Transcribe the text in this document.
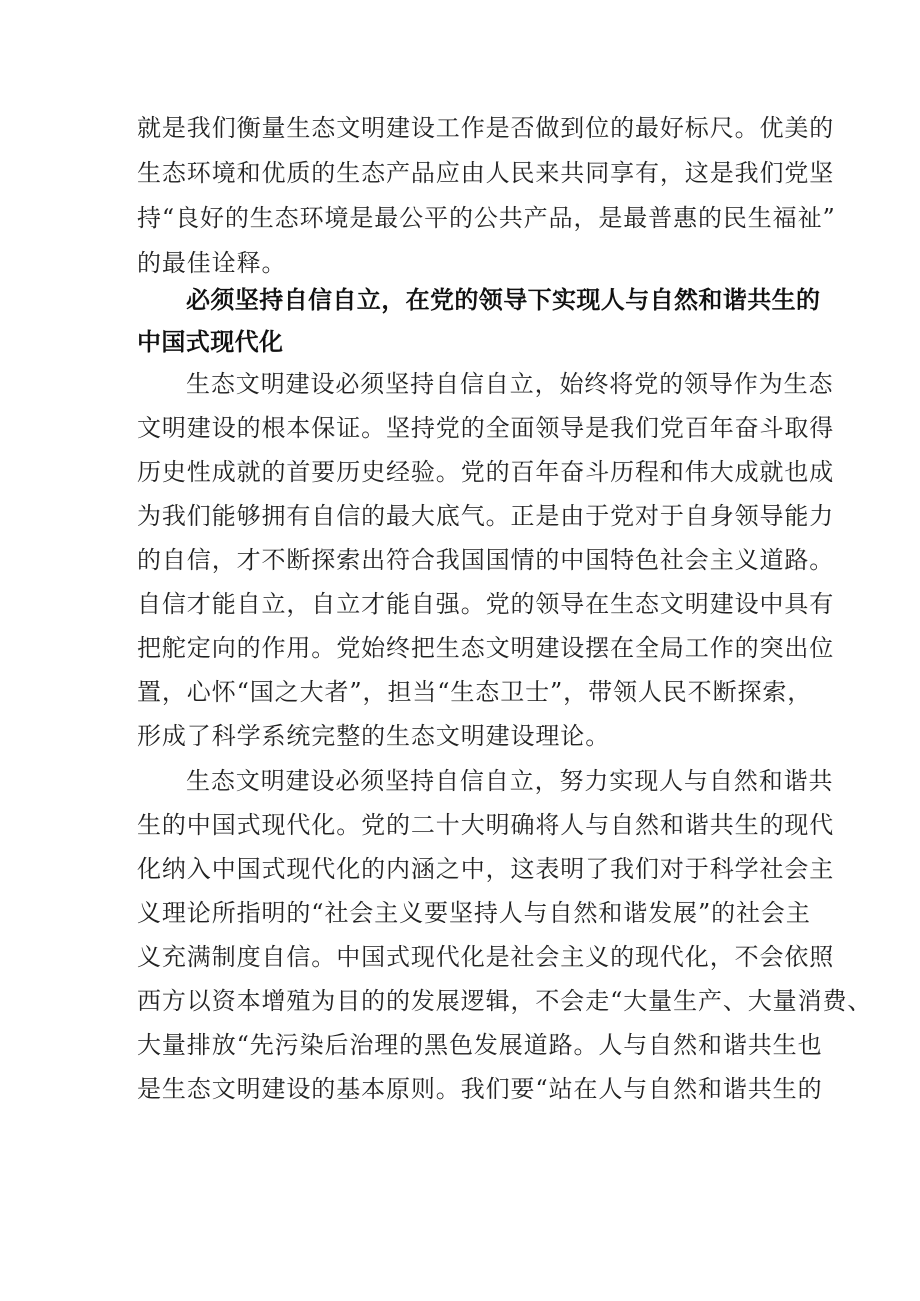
就是我们衡量生态文明建设工作是否做到位的最好标尺。优美的
生态环境和优质的生态产品应由人民来共同享有，这是我们党坚
持“良好的生态环境是最公平的公共产品，是最普惠的民生福祉”
的最佳诠释。
必须坚持自信自立，在党的领导下实现人与自然和谐共生的
中国式现代化
生态文明建设必须坚持自信自立，始终将党的领导作为生态
文明建设的根本保证。坚持党的全面领导是我们党百年奋斗取得
历史性成就的首要历史经验。党的百年奋斗历程和伟大成就也成
为我们能够拥有自信的最大底气。正是由于党对于自身领导能力
的自信，才不断探索出符合我国国情的中国特色社会主义道路。
自信才能自立，自立才能自强。党的领导在生态文明建设中具有
把舵定向的作用。党始终把生态文明建设摆在全局工作的突出位
置，心怀“国之大者”，担当“生态卫士”，带领人民不断探索，
形成了科学系统完整的生态文明建设理论。
生态文明建设必须坚持自信自立，努力实现人与自然和谐共
生的中国式现代化。党的二十大明确将人与自然和谐共生的现代
化纳入中国式现代化的内涵之中，这表明了我们对于科学社会主
义理论所指明的“社会主义要坚持人与自然和谐发展”的社会主
义充满制度自信。中国式现代化是社会主义的现代化，不会依照
西方以资本增殖为目的的发展逻辑，不会走“大量生产、大量消费、
大量排放“先污染后治理的黑色发展道路。人与自然和谐共生也
是生态文明建设的基本原则。我们要“站在人与自然和谐共生的
